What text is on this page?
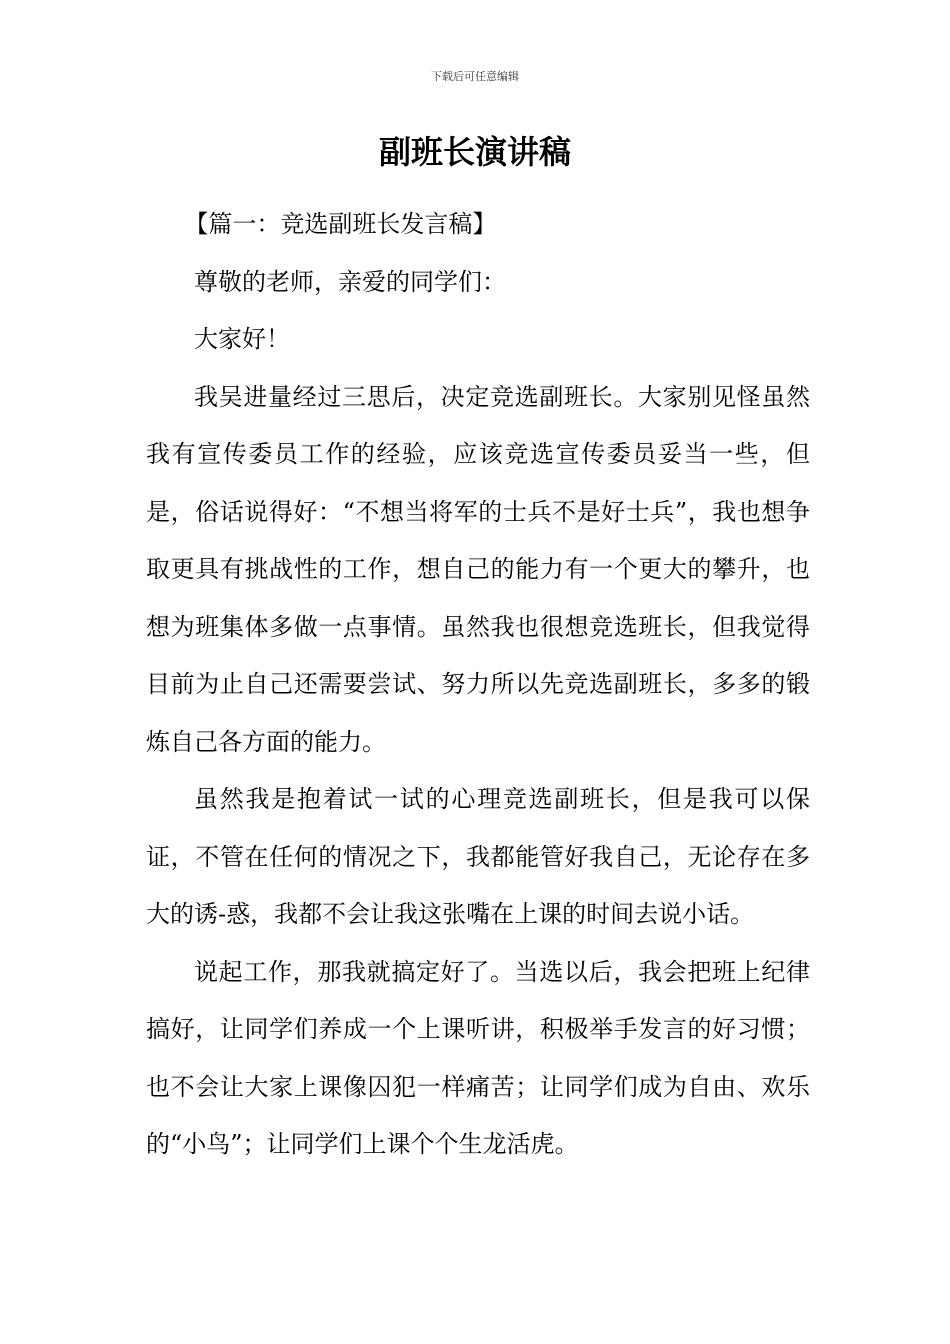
下载后可任意编辑
副班长演讲稿

【篇一：竞选副班长发言稿】

尊敬的老师，亲爱的同学们：

大家好！

我吴进量经过三思后，决定竞选副班长。大家别见怪虽然我有宣传委员工作的经验，应该竞选宣传委员妥当一些，但是，俗话说得好：“不想当将军的士兵不是好士兵”，我也想争取更具有挑战性的工作，想自己的能力有一个更大的攀升，也想为班集体多做一点事情。虽然我也很想竞选班长，但我觉得目前为止自己还需要尝试、努力所以先竞选副班长，多多的锻炼自己各方面的能力。

虽然我是抱着试一试的心理竞选副班长，但是我可以保证，不管在任何的情况之下，我都能管好我自己，无论存在多大的诱-惑，我都不会让我这张嘴在上课的时间去说小话。

说起工作，那我就搞定好了。当选以后，我会把班上纪律搞好，让同学们养成一个上课听讲，积极举手发言的好习惯；也不会让大家上课像囚犯一样痛苦；让同学们成为自由、欢乐的“小鸟”；让同学们上课个个生龙活虎。
